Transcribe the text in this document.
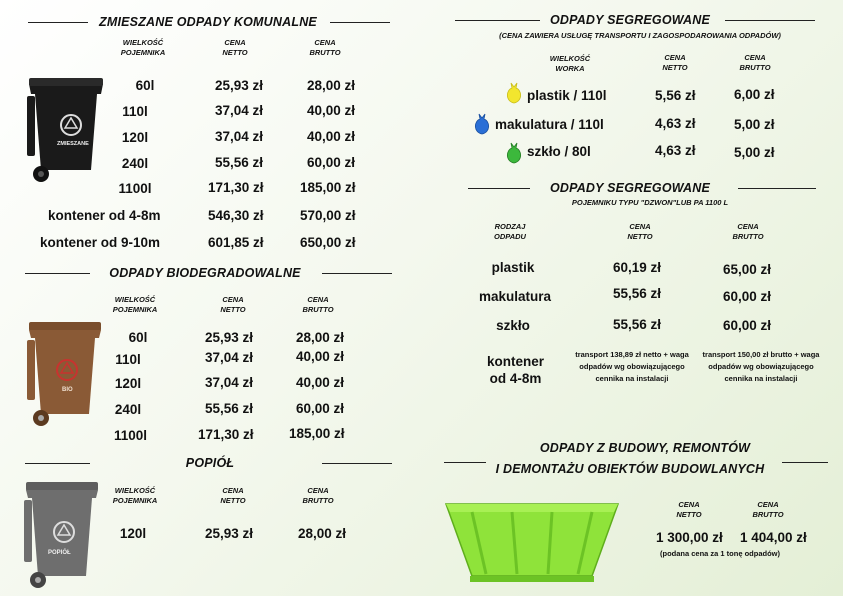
ZMIESZANE ODPADY KOMUNALNE
WIELKOŚĆ
POJEMNIKA
CENA
NETTO
CENA
BRUTTO
ZMIESZANE
60l	25,93 zł	28,00 zł
110l	37,04 zł	40,00 zł
120l	37,04 zł	40,00 zł
240l	55,56 zł	60,00 zł
1100l	171,30 zł	185,00 zł
kontener od 4-8m	546,30 zł	570,00 zł
kontener od 9-10m	601,85 zł	650,00 zł
ODPADY BIODEGRADOWALNE
WIELKOŚĆ
POJEMNIKA
CENA
NETTO
CENA
BRUTTO
BIO
60l	25,93 zł	28,00 zł
110l	37,04 zł	40,00 zł
120l	37,04 zł	40,00 zł
240l	55,56 zł	60,00 zł
1100l	171,30 zł	185,00 zł
POPIÓŁ
WIELKOŚĆ
POJEMNIKA
CENA
NETTO
CENA
BRUTTO
POPIÓŁ
120l	25,93 zł	28,00 zł
ODPADY SEGREGOWANE
(CENA ZAWIERA USŁUGĘ TRANSPORTU I ZAGOSPODAROWANIA ODPADÓW)
WIELKOŚĆ
WORKA
CENA
NETTO
CENA
BRUTTO
plastik / 110l	5,56 zł	6,00 zł
makulatura / 110l	4,63 zł	5,00 zł
szkło / 80l	4,63 zł	5,00 zł
ODPADY SEGREGOWANE
POJEMNIKU TYPU "DZWON"LUB PA 1100 L
RODZAJ
ODPADU
CENA
NETTO
CENA
BRUTTO
plastik	60,19 zł	65,00 zł
makulatura	55,56 zł	60,00 zł
szkło	55,56 zł	60,00 zł
kontener
od 4-8m
transport 138,89 zł netto + waga odpadów wg obowiązującego cennika na instalacji
transport 150,00 zł brutto + waga odpadów wg obowiązującego cennika na instalacji
ODPADY Z BUDOWY, REMONTÓW
I DEMONTAŻU OBIEKTÓW BUDOWLANYCH
CENA
NETTO
CENA
BRUTTO
1 300,00 zł 1 404,00 zł
(podana cena za 1 tonę odpadów)
